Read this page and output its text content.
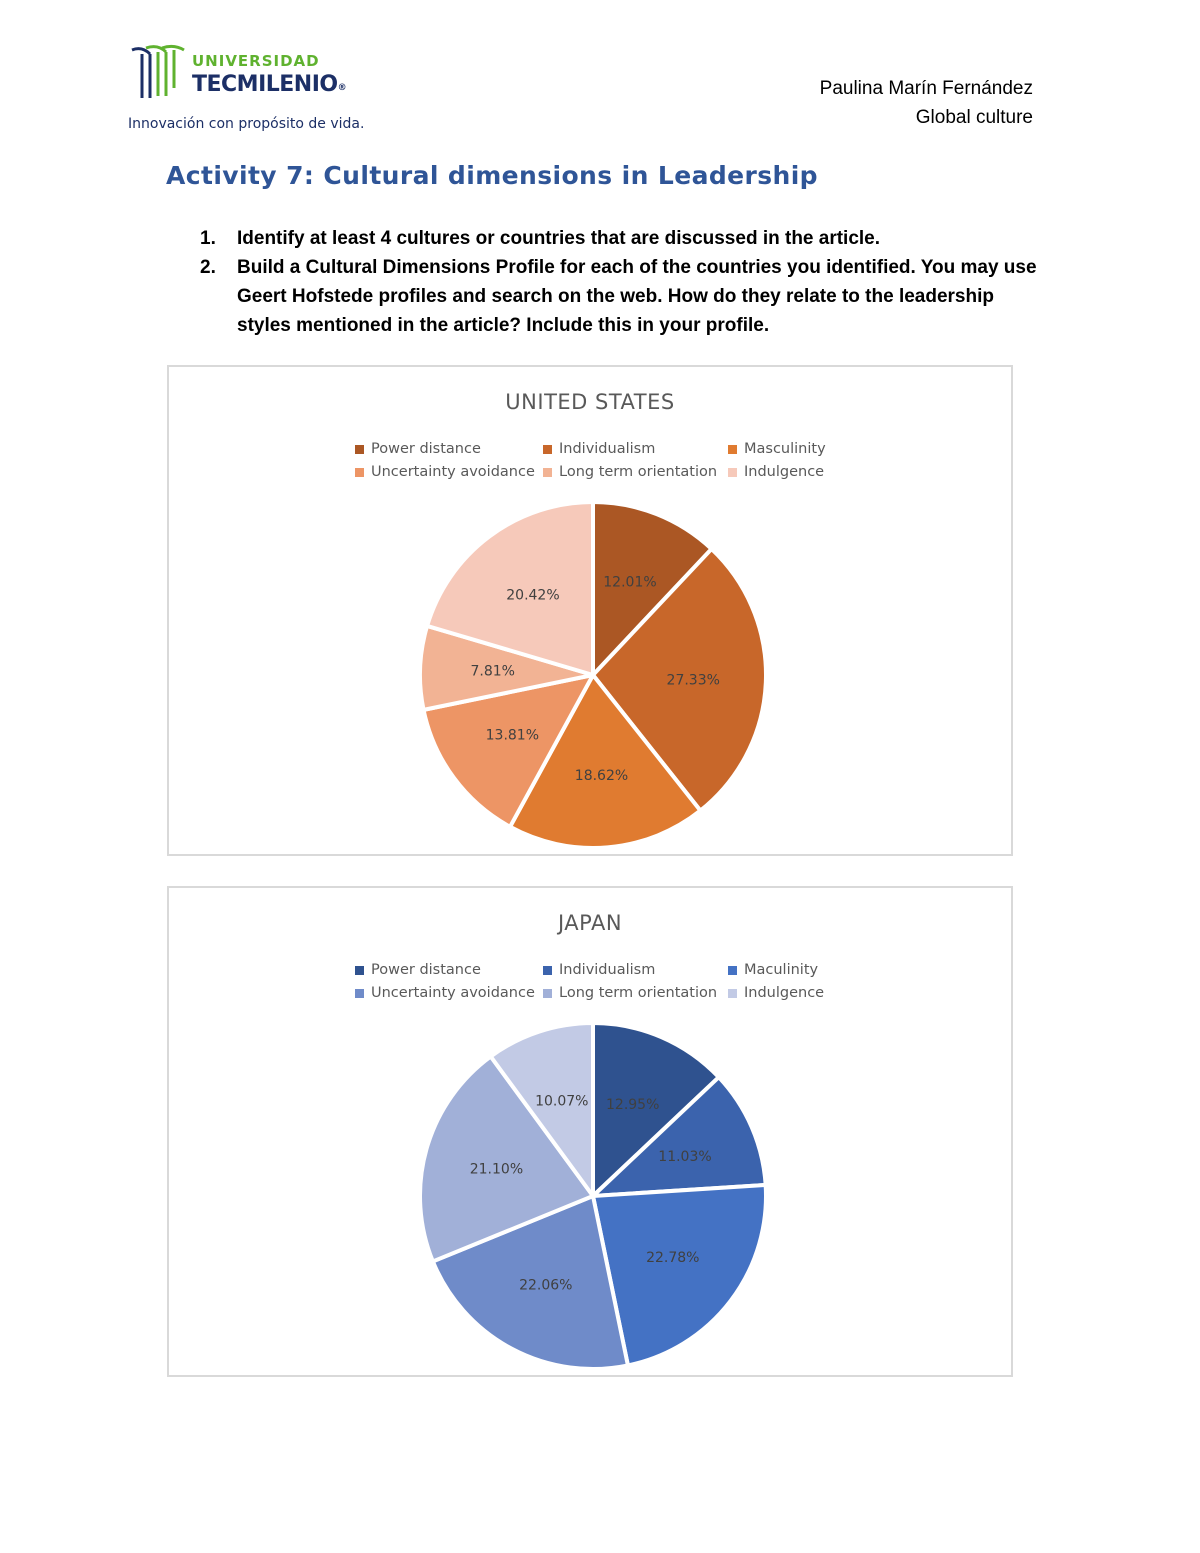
UNIVERSIDAD
TECMILENIO®
Innovación con propósito de vida.
Paulina Marín Fernández
Global culture
Activity 7: Cultural dimensions in Leadership
1. Identify at least 4 cultures or countries that are discussed in the article.
2. Build a Cultural Dimensions Profile for each of the countries you identified. You may use Geert Hofstede profiles and search on the web. How do they relate to the leadership styles mentioned in the article? Include this in your profile.
UNITED STATES
Power distance	Individualism	Masculinity
Uncertainty avoidance Long term orientation Indulgence
12.01%
27.33%
18.62%
13.81%
7.81%
20.42%
JAPAN
Power distance	Individualism	Maculinity
Uncertainty avoidance Long term orientation Indulgence
12.95%
11.03%
22.78%
22.06%
21.10%
10.07%
